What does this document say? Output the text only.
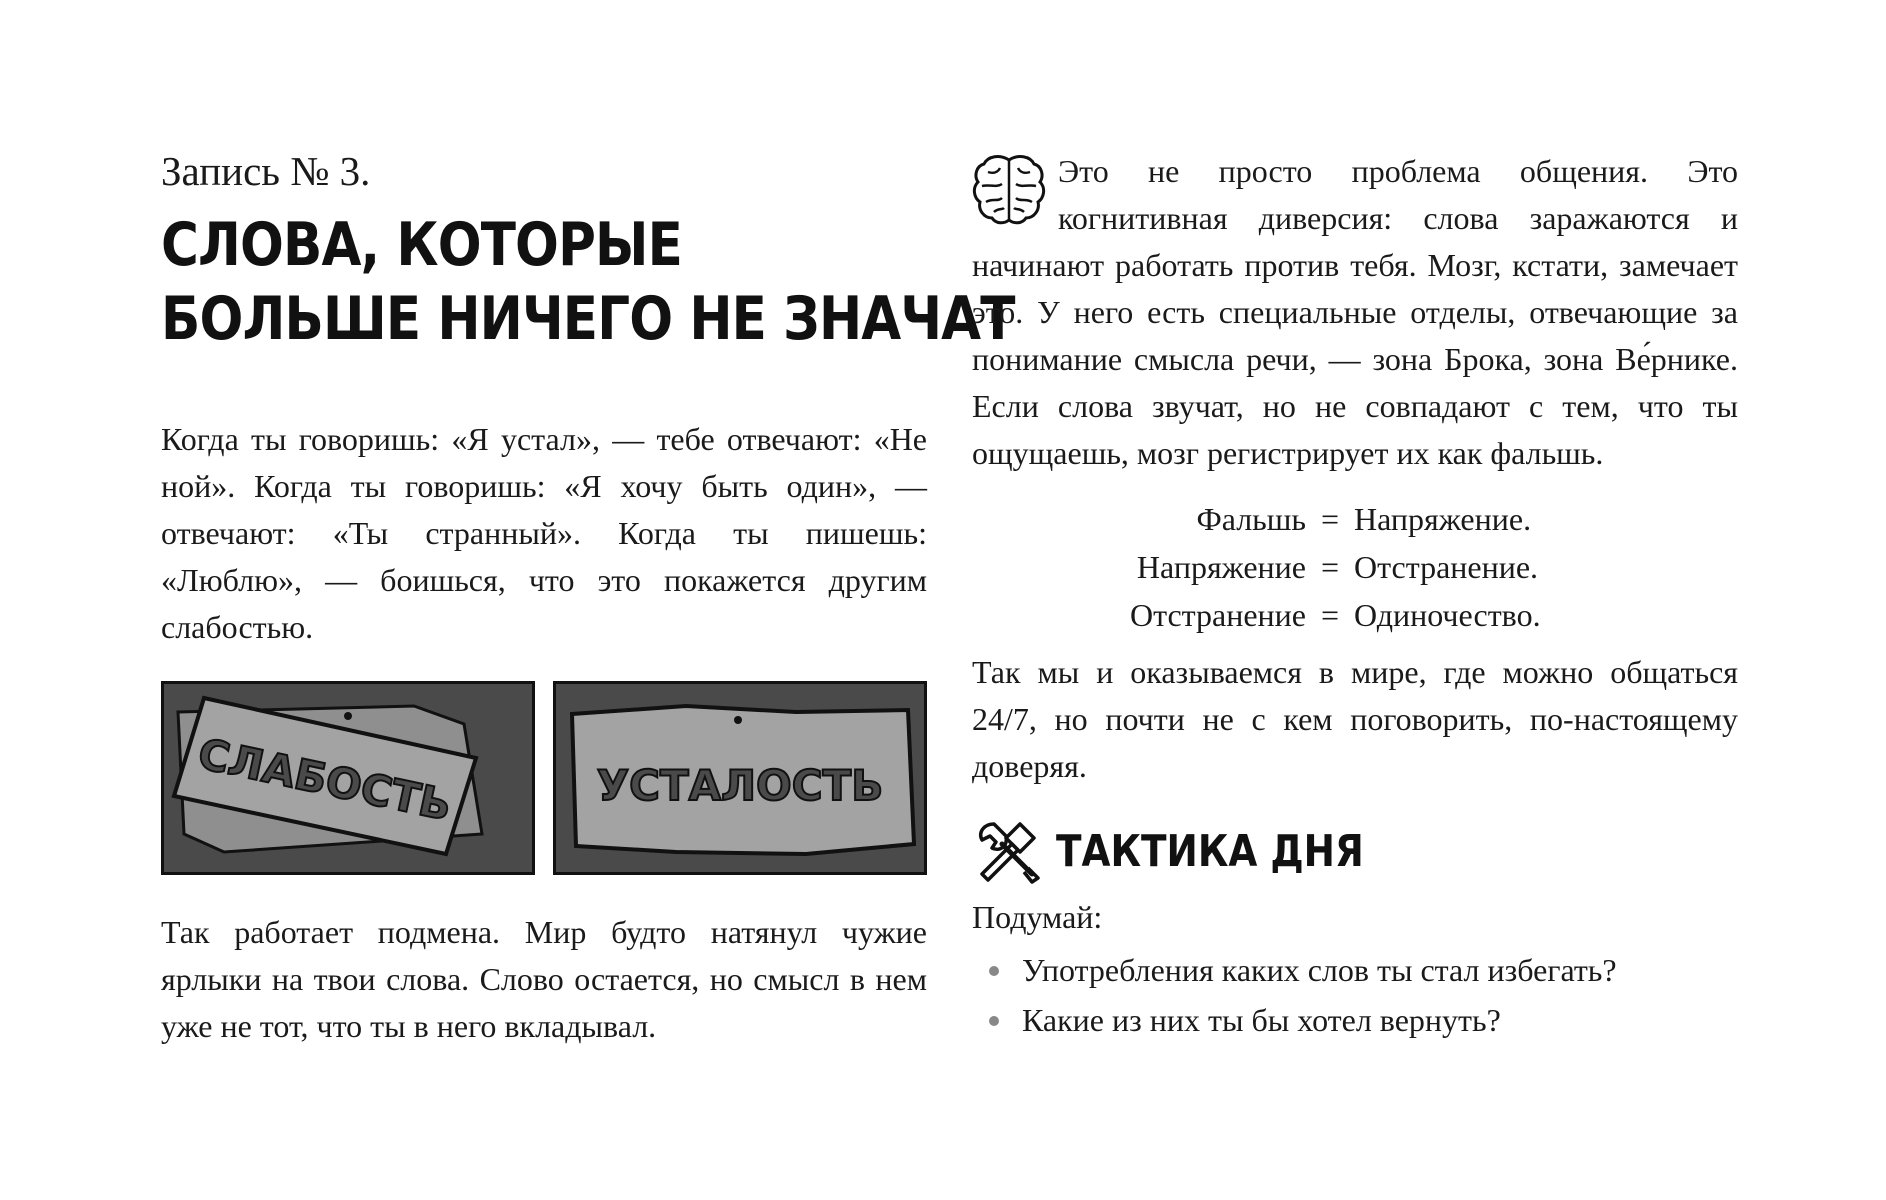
Запись № 3.

СЛОВА, КОТОРЫЕ
БОЛЬШЕ НИЧЕГО НЕ ЗНАЧАТ

Когда ты говоришь: «Я устал», — тебе отвечают: «Не ной». Когда ты говоришь: «Я хочу быть один», — отвечают: «Ты странный». Когда ты пишешь: «Люблю», — боишься, что это покажется другим слабостью.

СЛАБОСТЬ	УСТАЛОСТЬ

Так работает подмена. Мир будто натянул чужие ярлыки на твои слова. Слово остается, но смысл в нем уже не тот, что ты в него вкладывал.

Это не просто проблема общения. Это когнитивная диверсия: слова заражаются и начинают работать против тебя. Мозг, кстати, замечает это. У него есть специальные отделы, отвечающие за понимание смысла речи, — зона Брока, зона Ве́рнике. Если слова звучат, но не совпадают с тем, что ты ощущаешь, мозг регистрирует их как фальшь.

Фальшь = Напряжение.
Напряжение = Отстранение.
Отстранение = Одиночество.

Так мы и оказываемся в мире, где можно общаться 24/7, но почти не с кем поговорить, по-настоящему доверяя.

ТАКТИКА ДНЯ
Подумай:
Употребления каких слов ты стал избегать?
Какие из них ты бы хотел вернуть?
